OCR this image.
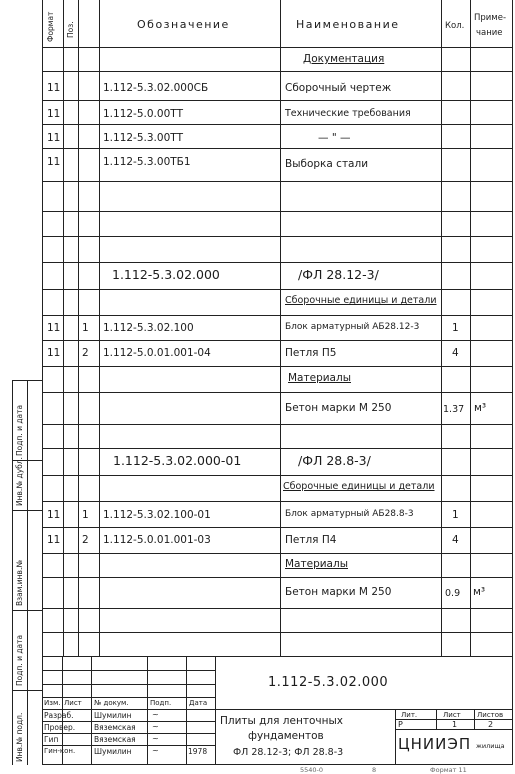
Формат Поз.	Обозначение	Наименование	Кол.
Приме-
чание
Документация
11	1.112-5.3.02.000СБ	Сборочный чертеж
11	1.112-5.0.00ТТ	Технические требования
11	1.112-5.3.00ТТ	— " —
11	1.112-5.3.00ТБ1	Выборка стали
1.112-5.3.02.000	/ФЛ 28.12-3/
Сборочные единицы и детали
11 1 1.112-5.3.02.100	Блок арматурный АБ28.12-3	1
11 2 1.112-5.0.01.001-04	Петля П5	4
Материалы
Бетон марки М 250	1.37 м³
1.112-5.3.02.000-01	/ФЛ 28.8-3/
Сборочные единицы и детали
11 1 1.112-5.3.02.100-01	Блок арматурный АБ28.8-3	1
11 2 1.112-5.0.01.001-03	Петля П4	4
Материалы
Бетон марки М 250	0.9 м³
Инв.№ подл.
Подп. и дата
Взам.инв.№
Инв.№ дубл.
Подп. и дата
1.112-5.3.02.000
Изм. Лист № докум.	Подп.	Дата
Разраб.	Шумилин	~
Провер.	Вяземская ~
Гип	Вяземская ~
Гин-кон.	Шумилин	~	1978
Плиты для ленточных
фундаментов
ФЛ 28.12-3; ФЛ 28.8-3
Лит.
Р
Лист
1
Листов
2
ЦНИИЭП жилища
5540-0	8	Формат 11
